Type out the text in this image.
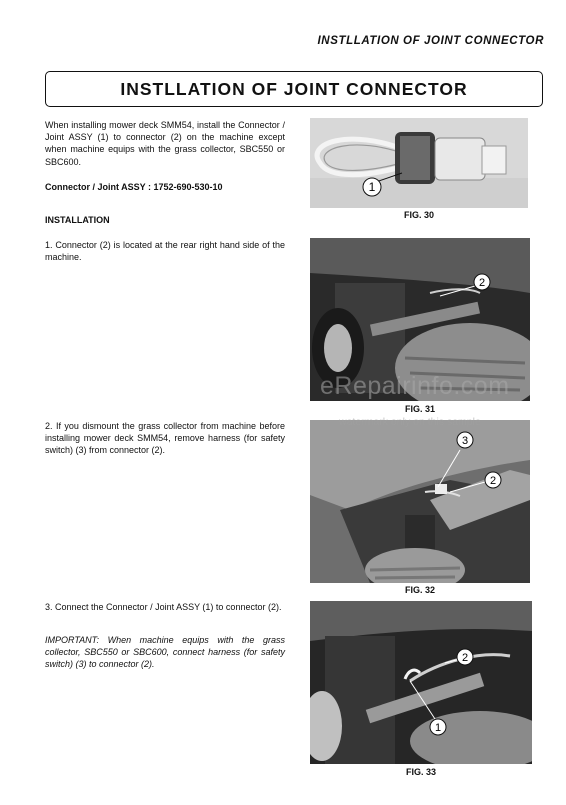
INSTLLATION OF JOINT CONNECTOR
INSTLLATION OF JOINT CONNECTOR
When installing mower deck SMM54, install the Connector / Joint ASSY (1) to connector (2) on the machine except when machine equips with the grass collector, SBC550 or SBC600.
Connector / Joint ASSY : 1752-690-530-10
INSTALLATION
1. Connector (2) is located at the rear right hand side of the machine.
2. If you dismount the grass collector from machine before installing mower deck SMM54, remove harness (for safety switch) (3) from connector (2).
3. Connect the Connector / Joint ASSY (1) to connector (2).
IMPORTANT: When machine equips with the grass collector, SBC550 or SBC600, connect harness (for safety switch) (3) to connector (2).
1
FIG. 30
2
FIG. 31
3
2
FIG. 32
2
1
FIG. 33
eRepairinfo.com
watermark only on this sample
